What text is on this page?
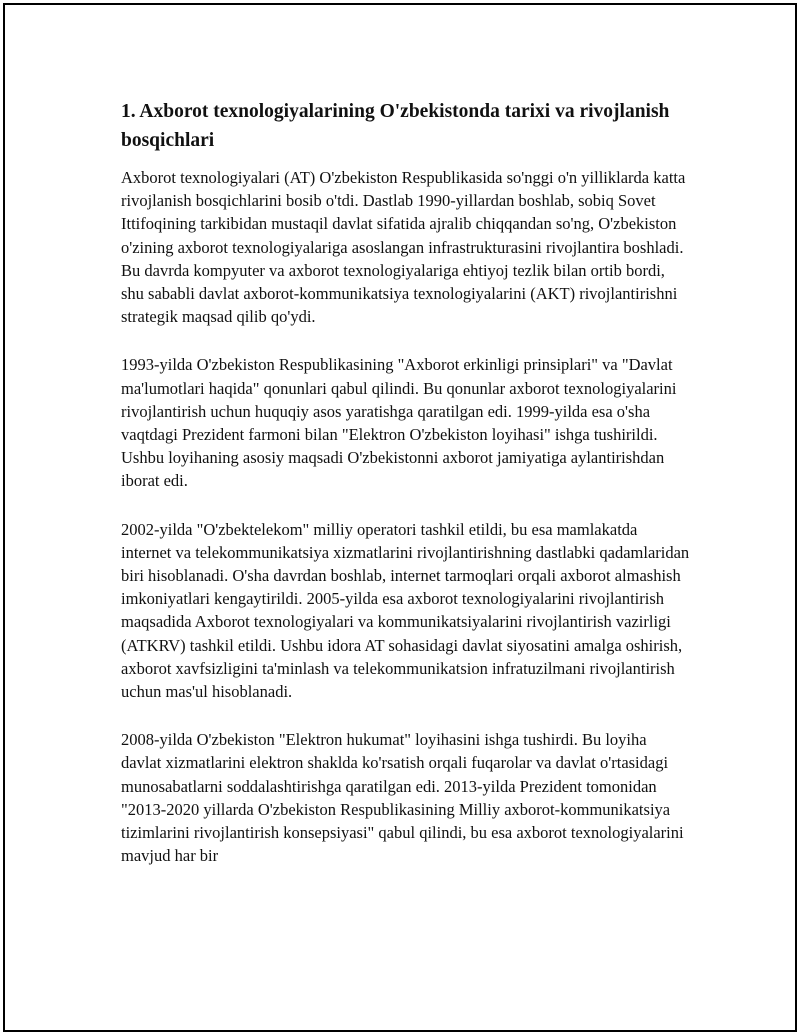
1. Axborot texnologiyalarining O'zbekistonda tarixi va rivojlanish bosqichlari

Axborot texnologiyalari (AT) O'zbekiston Respublikasida so'nggi o'n yilliklarda katta rivojlanish bosqichlarini bosib o'tdi. Dastlab 1990-yillardan boshlab, sobiq Sovet Ittifoqining tarkibidan mustaqil davlat sifatida ajralib chiqqandan so'ng, O'zbekiston o'zining axborot texnologiyalariga asoslangan infrastrukturasini rivojlantira boshladi. Bu davrda kompyuter va axborot texnologiyalariga ehtiyoj tezlik bilan ortib bordi, shu sababli davlat axborot-kommunikatsiya texnologiyalarini (AKT) rivojlantirishni strategik maqsad qilib qo'ydi.

1993-yilda O'zbekiston Respublikasining "Axborot erkinligi prinsiplari" va "Davlat ma'lumotlari haqida" qonunlari qabul qilindi. Bu qonunlar axborot texnologiyalarini rivojlantirish uchun huquqiy asos yaratishga qaratilgan edi. 1999-yilda esa o'sha vaqtdagi Prezident farmoni bilan "Elektron O'zbekiston loyihasi" ishga tushirildi. Ushbu loyihaning asosiy maqsadi O'zbekistonni axborot jamiyatiga aylantirishdan iborat edi.

2002-yilda "O'zbektelekom" milliy operatori tashkil etildi, bu esa mamlakatda internet va telekommunikatsiya xizmatlarini rivojlantirishning dastlabki qadamlaridan biri hisoblanadi. O'sha davrdan boshlab, internet tarmoqlari orqali axborot almashish imkoniyatlari kengaytirildi. 2005-yilda esa axborot texnologiyalarini rivojlantirish maqsadida Axborot texnologiyalari va kommunikatsiyalarini rivojlantirish vazirligi (ATKRV) tashkil etildi. Ushbu idora AT sohasidagi davlat siyosatini amalga oshirish, axborot xavfsizligini ta'minlash va telekommunikatsion infratuzilmani rivojlantirish uchun mas'ul hisoblanadi.

2008-yilda O'zbekiston "Elektron hukumat" loyihasini ishga tushirdi. Bu loyiha davlat xizmatlarini elektron shaklda ko'rsatish orqali fuqarolar va davlat o'rtasidagi munosabatlarni soddalashtirishga qaratilgan edi. 2013-yilda Prezident tomonidan "2013-2020 yillarda O'zbekiston Respublikasining Milliy axborot-kommunikatsiya tizimlarini rivojlantirish konsepsiyasi" qabul qilindi, bu esa axborot texnologiyalarini mavjud har bir
